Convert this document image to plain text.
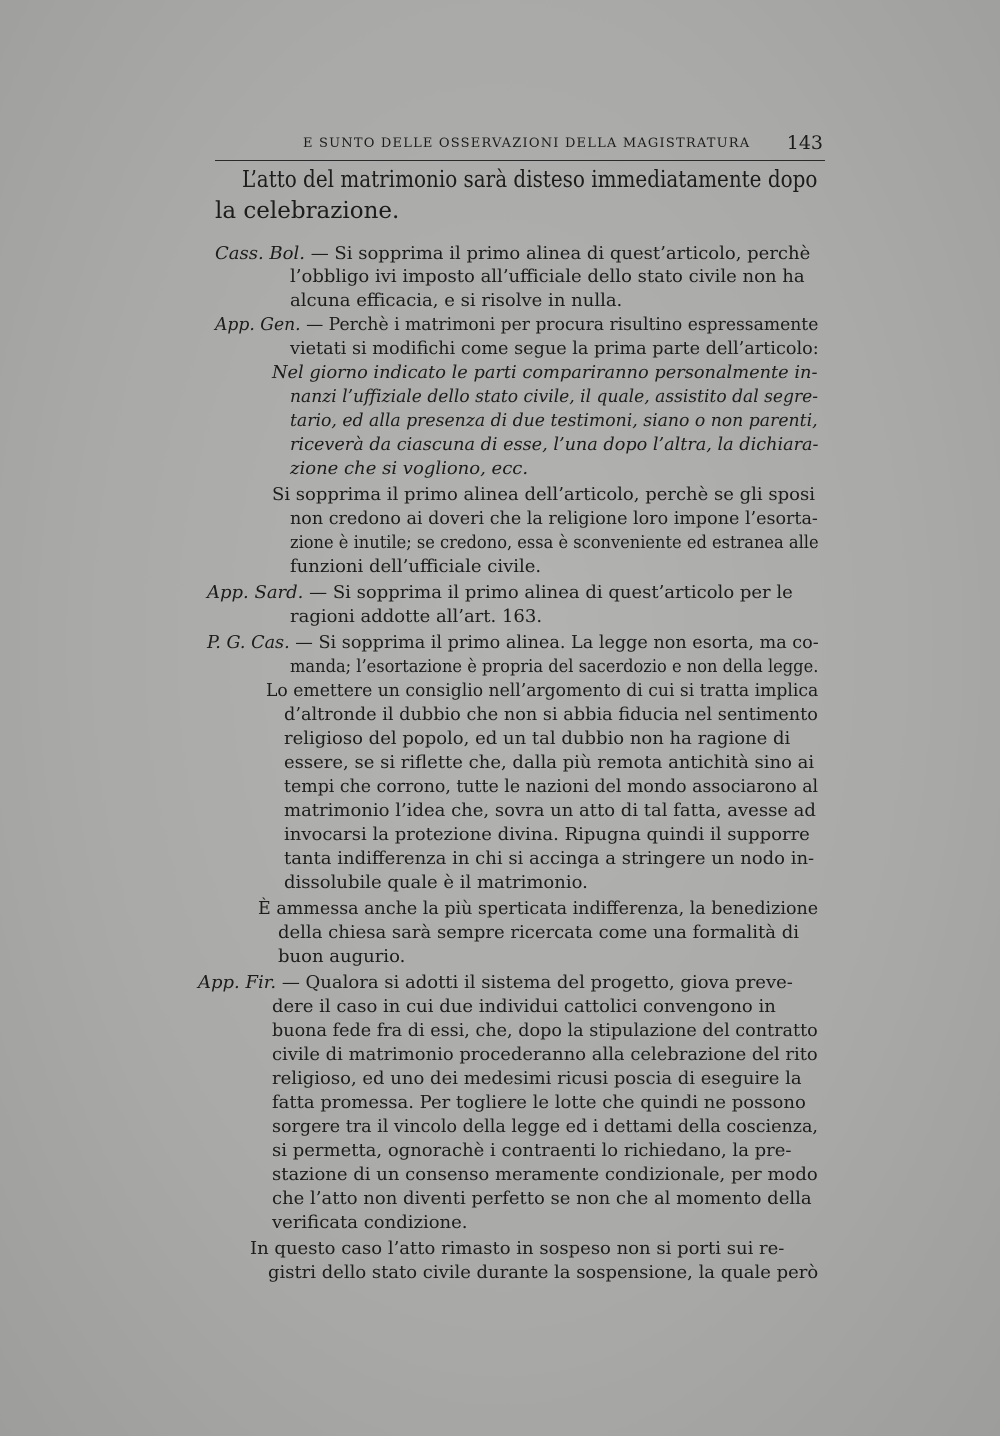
E SUNTO DELLE OSSERVAZIONI DELLA MAGISTRATURA 143
L’atto del matrimonio sarà disteso immediatamente dopo
la celebrazione.
Cass. Bol. — Si sopprima il primo alinea di quest’articolo, perchè
l’obbligo ivi imposto all’ufficiale dello stato civile non ha
alcuna efficacia, e si risolve in nulla.
App. Gen. — Perchè i matrimoni per procura risultino espressamente
vietati si modifichi come segue la prima parte dell’articolo:
Nel giorno indicato le parti compariranno personalmente in-
nanzi l’uffiziale dello stato civile, il quale, assistito dal segre-
tario, ed alla presenza di due testimoni, siano o non parenti,
riceverà da ciascuna di esse, l’una dopo l’altra, la dichiara-
zione che si vogliono, ecc.
Si sopprima il primo alinea dell’articolo, perchè se gli sposi
non credono ai doveri che la religione loro impone l’esorta-
zione è inutile; se credono, essa è sconveniente ed estranea alle
funzioni dell’ufficiale civile.
App. Sard. — Si sopprima il primo alinea di quest’articolo per le
ragioni addotte all’art. 163.
P. G. Cas. — Si sopprima il primo alinea. La legge non esorta, ma co-
manda; l’esortazione è propria del sacerdozio e non della legge.
Lo emettere un consiglio nell’argomento di cui si tratta implica
d’altronde il dubbio che non si abbia fiducia nel sentimento
religioso del popolo, ed un tal dubbio non ha ragione di
essere, se si riflette che, dalla più remota antichità sino ai
tempi che corrono, tutte le nazioni del mondo associarono al
matrimonio l’idea che, sovra un atto di tal fatta, avesse ad
invocarsi la protezione divina. Ripugna quindi il supporre
tanta indifferenza in chi si accinga a stringere un nodo in-
dissolubile quale è il matrimonio.
È ammessa anche la più sperticata indifferenza, la benedizione
della chiesa sarà sempre ricercata come una formalità di
buon augurio.
App. Fir. — Qualora si adotti il sistema del progetto, giova preve-
dere il caso in cui due individui cattolici convengono in
buona fede fra di essi, che, dopo la stipulazione del contratto
civile di matrimonio procederanno alla celebrazione del rito
religioso, ed uno dei medesimi ricusi poscia di eseguire la
fatta promessa. Per togliere le lotte che quindi ne possono
sorgere tra il vincolo della legge ed i dettami della coscienza,
si permetta, ognorachè i contraenti lo richiedano, la pre-
stazione di un consenso meramente condizionale, per modo
che l’atto non diventi perfetto se non che al momento della
verificata condizione.
In questo caso l’atto rimasto in sospeso non si porti sui re-
gistri dello stato civile durante la sospensione, la quale però
